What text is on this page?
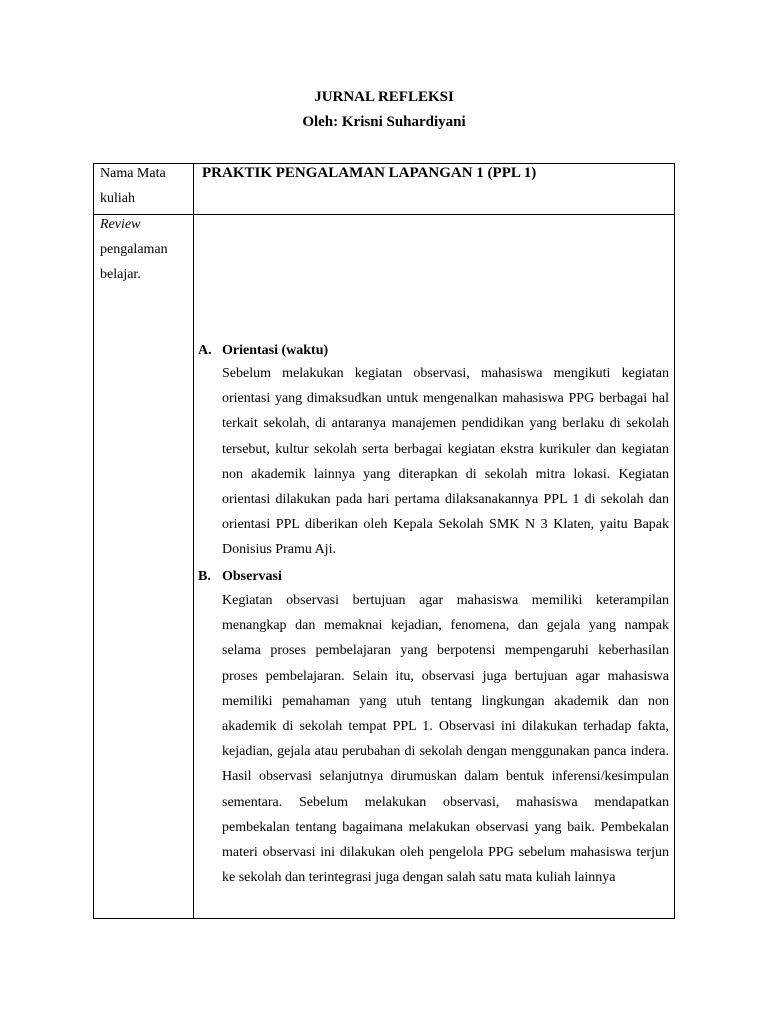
JURNAL REFLEKSI
Oleh: Krisni Suhardiyani
Nama Mata kuliah
PRAKTIK PENGALAMAN LAPANGAN 1 (PPL 1)
Review
pengalaman belajar.
A. Orientasi (waktu)
Sebelum melakukan kegiatan observasi, mahasiswa mengikuti kegiatan orientasi yang dimaksudkan untuk mengenalkan mahasiswa PPG berbagai hal terkait sekolah, di antaranya manajemen pendidikan yang berlaku di sekolah tersebut, kultur sekolah serta berbagai kegiatan ekstra kurikuler dan kegiatan non akademik lainnya yang diterapkan di sekolah mitra lokasi. Kegiatan orientasi dilakukan pada hari pertama dilaksanakannya PPL 1 di sekolah dan orientasi PPL diberikan oleh Kepala Sekolah SMK N 3 Klaten, yaitu Bapak Donisius Pramu Aji.
B. Observasi
Kegiatan observasi bertujuan agar mahasiswa memiliki keterampilan menangkap dan memaknai kejadian, fenomena, dan gejala yang nampak selama proses pembelajaran yang berpotensi mempengaruhi keberhasilan proses pembelajaran. Selain itu, observasi juga bertujuan agar mahasiswa memiliki pemahaman yang utuh tentang lingkungan akademik dan non akademik di sekolah tempat PPL 1. Observasi ini dilakukan terhadap fakta, kejadian, gejala atau perubahan di sekolah dengan menggunakan panca indera. Hasil observasi selanjutnya dirumuskan dalam bentuk inferensi/kesimpulan sementara. Sebelum melakukan observasi, mahasiswa mendapatkan pembekalan tentang bagaimana melakukan observasi yang baik. Pembekalan materi observasi ini dilakukan oleh pengelola PPG sebelum mahasiswa terjun ke sekolah dan terintegrasi juga dengan salah satu mata kuliah lainnya
